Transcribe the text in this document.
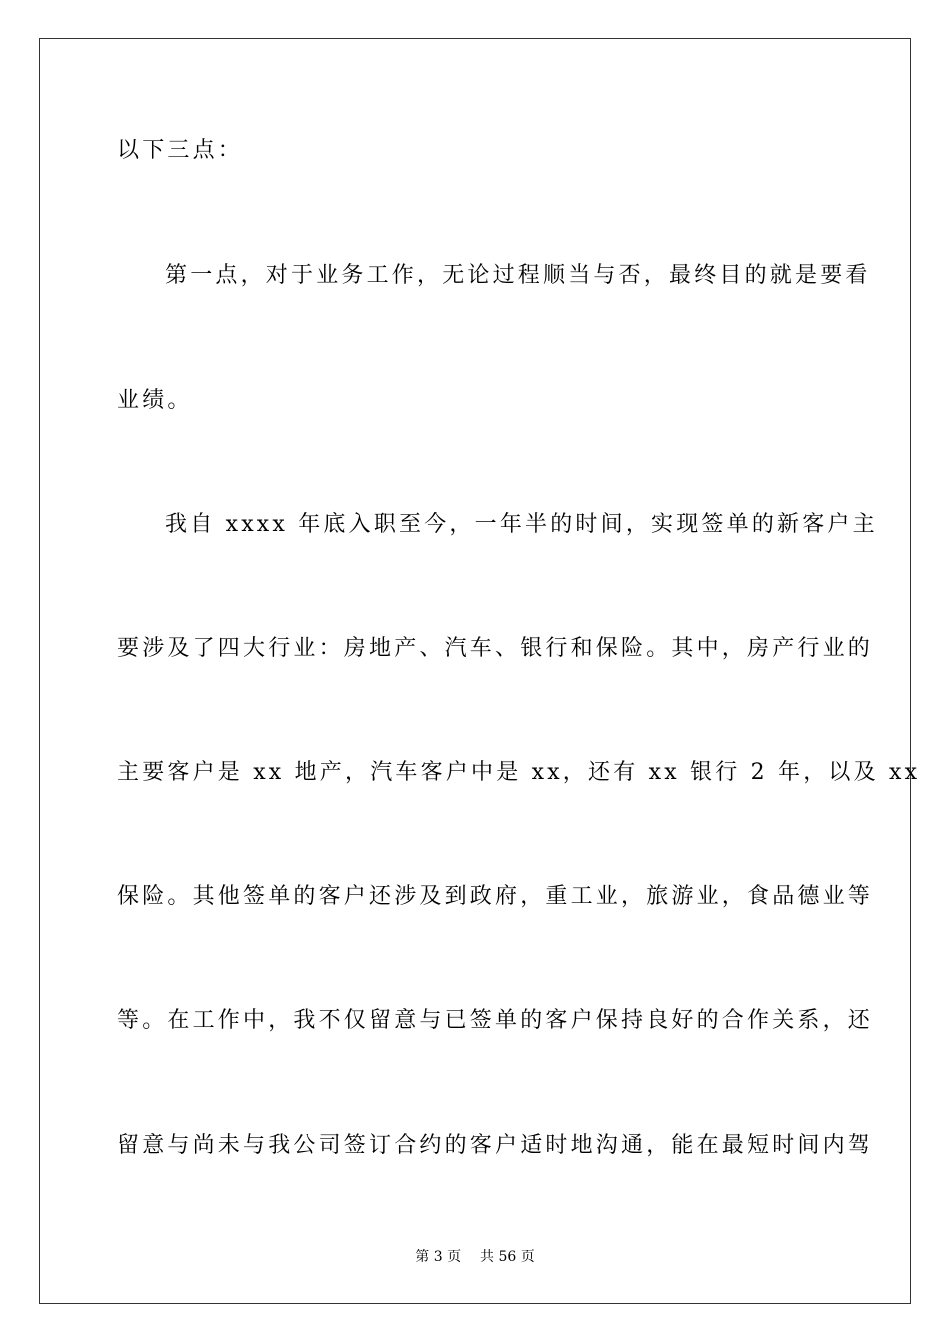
以下三点：
第一点，对于业务工作，无论过程顺当与否，最终目的就是要看
业绩。
我自 xxxx 年底入职至今，一年半的时间，实现签单的新客户主
要涉及了四大行业：房地产、汽车、银行和保险。其中，房产行业的
主要客户是 xx 地产，汽车客户中是 xx，还有 xx 银行 2 年，以及 xx
保险。其他签单的客户还涉及到政府，重工业，旅游业，食品德业等
等。在工作中，我不仅留意与已签单的客户保持良好的合作关系，还
留意与尚未与我公司签订合约的客户适时地沟通，能在最短时间内驾
第 3 页 共 56 页
